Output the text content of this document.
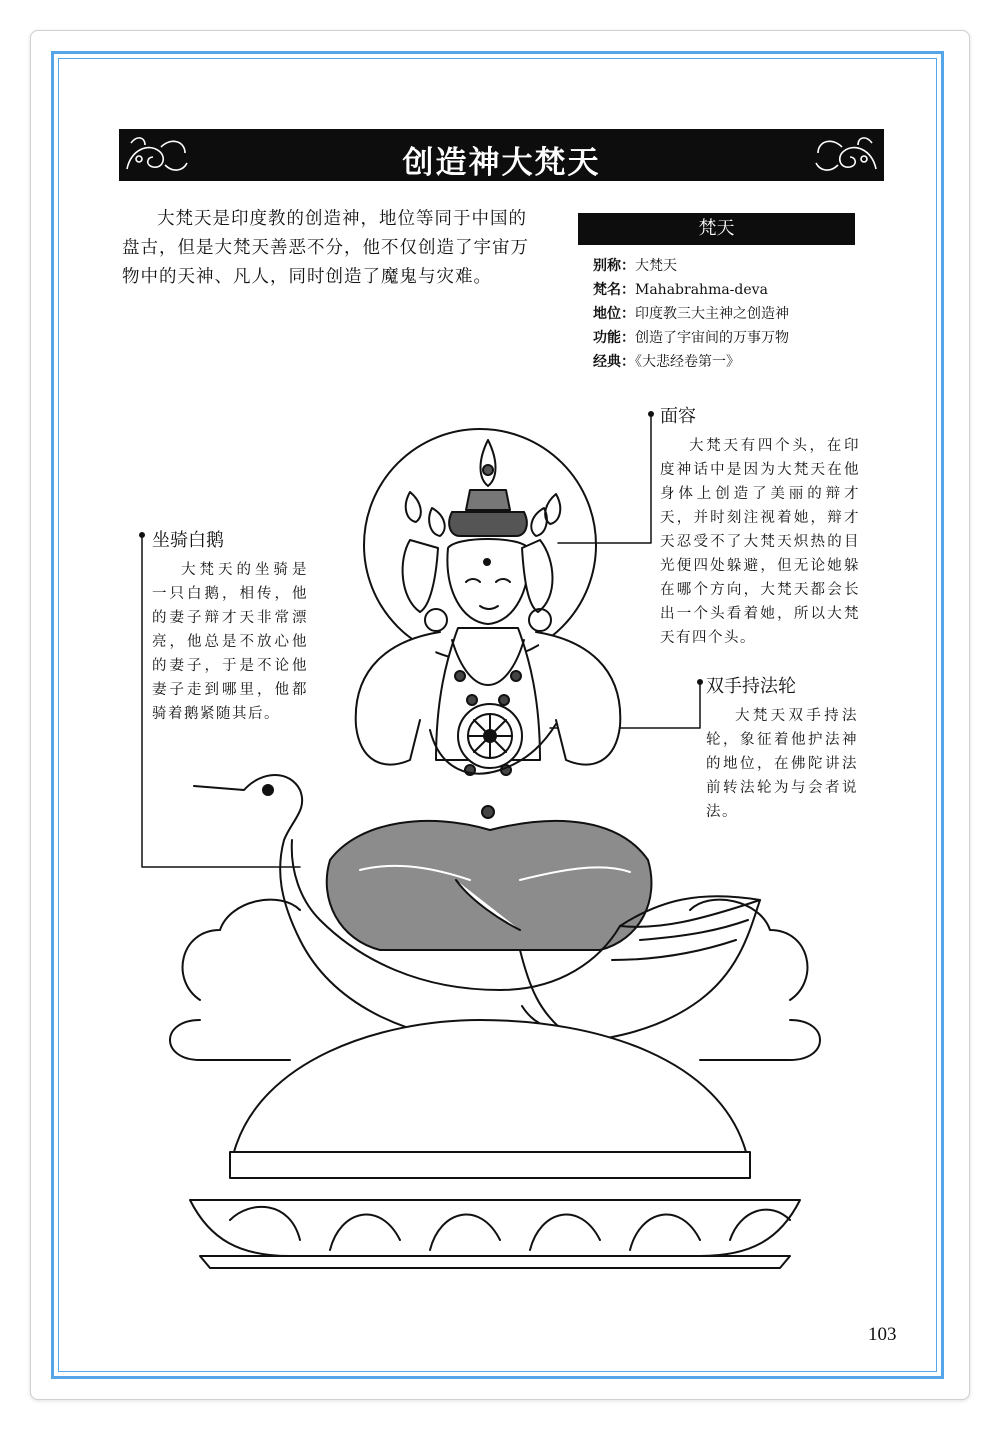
创造神大梵天

大梵天是印度教的创造神，地位等同于中国的盘古，但是大梵天善恶不分，他不仅创造了宇宙万物中的天神、凡人，同时创造了魔鬼与灾难。

梵天
别称：大梵天
梵名：Mahabrahma-deva
地位：印度教三大主神之创造神
功能：创造了宇宙间的万事万物
经典：《大悲经卷第一》
面容

大梵天有四个头，在印度神话中是因为大梵天在他身体上创造了美丽的辩才天，并时刻注视着她，辩才天忍受不了大梵天炽热的目光便四处躲避，但无论她躲在哪个方向，大梵天都会长出一个头看着她，所以大梵天有四个头。

坐骑白鹅

大梵天的坐骑是一只白鹅，相传，他的妻子辩才天非常漂亮，他总是不放心他的妻子，于是不论他妻子走到哪里，他都骑着鹅紧随其后。

双手持法轮

大梵天双手持法轮，象征着他护法神的地位，在佛陀讲法前转法轮为与会者说法。

103
